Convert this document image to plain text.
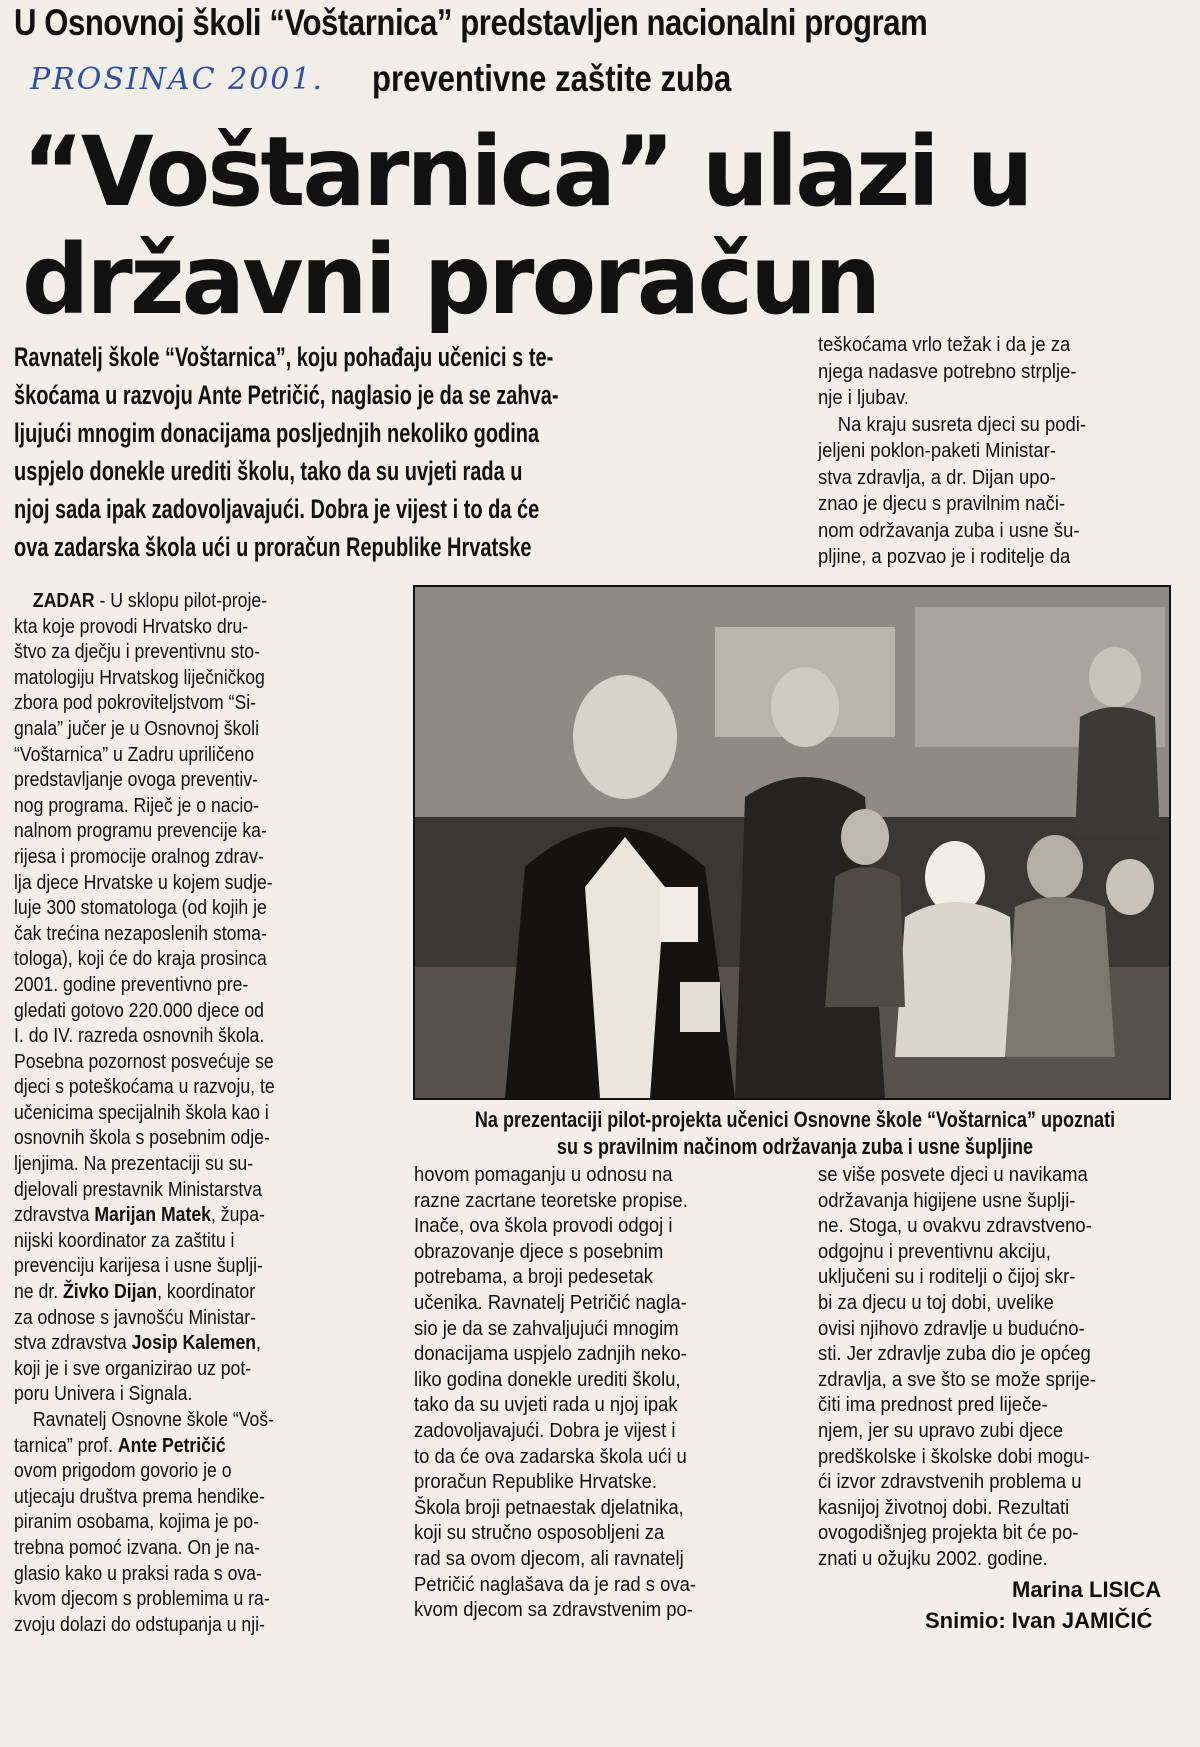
U Osnovnoj školi “Voštarnica” predstavljen nacionalni program
preventivne zaštite zuba
PROSINAC 2001.
“Voštarnica” ulazi u
državni proračun
Ravnatelj škole “Voštarnica”, koju pohađaju učenici s te-
škoćama u razvoju Ante Petričić, naglasio je da se zahva-
ljujući mnogim donacijama posljednjih nekoliko godina
uspjelo donekle urediti školu, tako da su uvjeti rada u
njoj sada ipak zadovoljavajući. Dobra je vijest i to da će
ova zadarska škola ući u proračun Republike Hrvatske
teškoćama vrlo težak i da je za
njega nadasve potrebno strplje-
nje i ljubav.
Na kraju susreta djeci su podi-
jeljeni poklon-paketi Ministar-
stva zdravlja, a dr. Dijan upo-
znao je djecu s pravilnim nači-
nom održavanja zuba i usne šu-
pljine, a pozvao je i roditelje da
ZADAR - U sklopu pilot-proje-
kta koje provodi Hrvatsko dru-
štvo za dječju i preventivnu sto-
matologiju Hrvatskog liječničkog
zbora pod pokroviteljstvom “Si-
gnala” jučer je u Osnovnoj školi
“Voštarnica” u Zadru upriličeno
predstavljanje ovoga preventiv-
nog programa. Riječ je o nacio-
nalnom programu prevencije ka-
rijesa i promocije oralnog zdrav-
lja djece Hrvatske u kojem sudje-
luje 300 stomatologa (od kojih je
čak trećina nezaposlenih stoma-
tologa), koji će do kraja prosinca
2001. godine preventivno pre-
gledati gotovo 220.000 djece od
I. do IV. razreda osnovnih škola.
Posebna pozornost posvećuje se
djeci s poteškoćama u razvoju, te
učenicima specijalnih škola kao i
osnovnih škola s posebnim odje-
ljenjima. Na prezentaciji su su-
djelovali prestavnik Ministarstva
zdravstva Marijan Matek, župa-
nijski koordinator za zaštitu i
prevenciju karijesa i usne šuplji-
ne dr. Živko Dijan, koordinator
za odnose s javnošću Ministar-
stva zdravstva Josip Kalemen,
koji je i sve organizirao uz pot-
poru Univera i Signala.
Ravnatelj Osnovne škole “Voš-
tarnica” prof. Ante Petričić
ovom prigodom govorio je o
utjecaju društva prema hendike-
piranim osobama, kojima je po-
trebna pomoć izvana. On je na-
glasio kako u praksi rada s ova-
kvom djecom s problemima u ra-
zvoju dolazi do odstupanja u nji-
Na prezentaciji pilot-projekta učenici Osnovne škole “Voštarnica” upoznati
su s pravilnim načinom održavanja zuba i usne šupljine
hovom pomaganju u odnosu na
razne zacrtane teoretske propise.
Inače, ova škola provodi odgoj i
obrazovanje djece s posebnim
potrebama, a broji pedesetak
učenika. Ravnatelj Petričić nagla-
sio je da se zahvaljujući mnogim
donacijama uspjelo zadnjih neko-
liko godina donekle urediti školu,
tako da su uvjeti rada u njoj ipak
zadovoljavajući. Dobra je vijest i
to da će ova zadarska škola ući u
proračun Republike Hrvatske.
Škola broji petnaestak djelatnika,
koji su stručno osposobljeni za
rad sa ovom djecom, ali ravnatelj
Petričić naglašava da je rad s ova-
kvom djecom sa zdravstvenim po-
se više posvete djeci u navikama
održavanja higijene usne šuplji-
ne. Stoga, u ovakvu zdravstveno-
odgojnu i preventivnu akciju,
uključeni su i roditelji o čijoj skr-
bi za djecu u toj dobi, uvelike
ovisi njihovo zdravlje u budućno-
sti. Jer zdravlje zuba dio je općeg
zdravlja, a sve što se može sprije-
čiti ima prednost pred liječe-
njem, jer su upravo zubi djece
predškolske i školske dobi mogu-
ći izvor zdravstvenih problema u
kasnijoj životnoj dobi. Rezultati
ovogodišnjeg projekta bit će po-
znati u ožujku 2002. godine.
Marina LISICA
Snimio: Ivan JAMIČIĆ
